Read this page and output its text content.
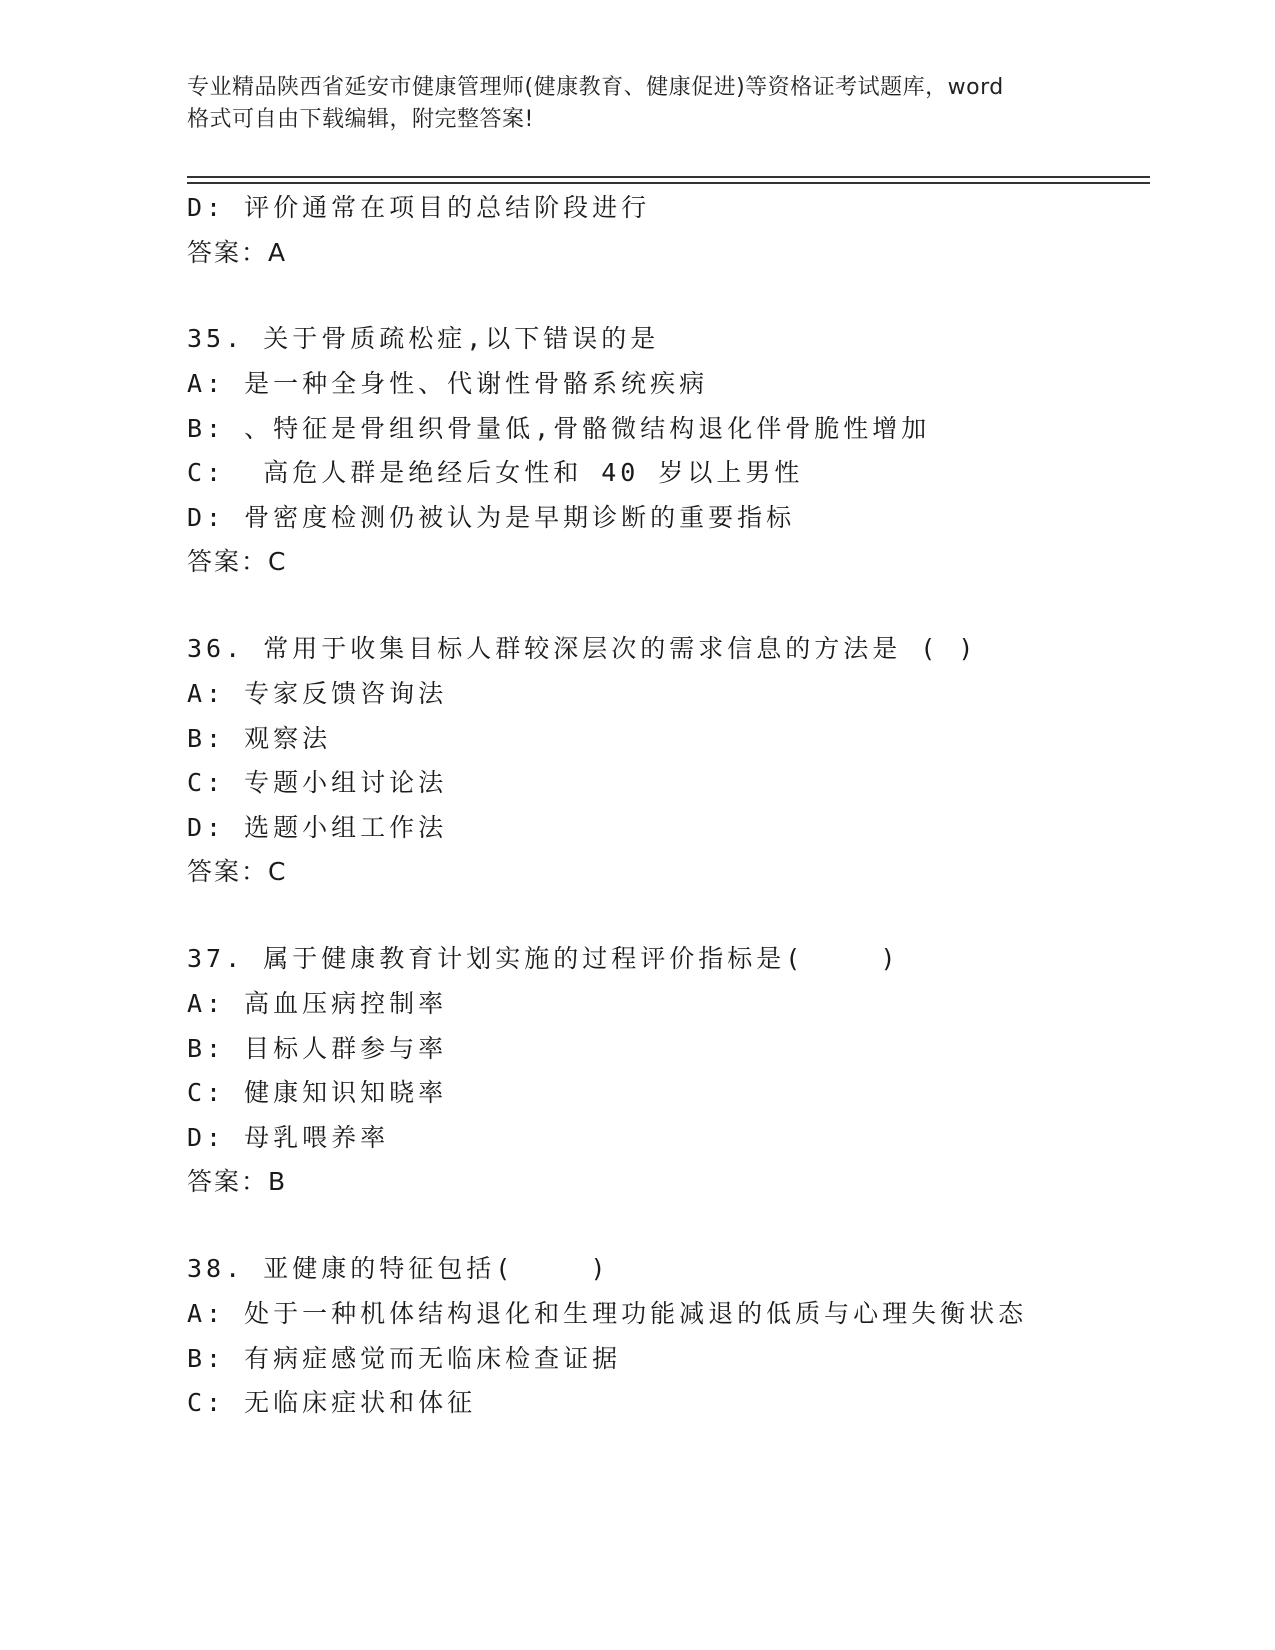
专业精品陕西省延安市健康管理师(健康教育、健康促进)等资格证考试题库，word
格式可自由下载编辑，附完整答案!
D: 评价通常在项目的总结阶段进行
答案：A
35. 关于骨质疏松症,以下错误的是
A: 是一种全身性、代谢性骨骼系统疾病
B: 、特征是骨组织骨量低,骨骼微结构退化伴骨脆性增加
C:  高危人群是绝经后女性和 40 岁以上男性
D: 骨密度检测仍被认为是早期诊断的重要指标
答案：C
36. 常用于收集目标人群较深层次的需求信息的方法是 ( )
A: 专家反馈咨询法
B: 观察法
C: 专题小组讨论法
D: 选题小组工作法
答案：C
37. 属于健康教育计划实施的过程评价指标是(    )
A: 高血压病控制率
B: 目标人群参与率
C: 健康知识知晓率
D: 母乳喂养率
答案：B
38. 亚健康的特征包括(    )
A: 处于一种机体结构退化和生理功能减退的低质与心理失衡状态
B: 有病症感觉而无临床检查证据
C: 无临床症状和体征
